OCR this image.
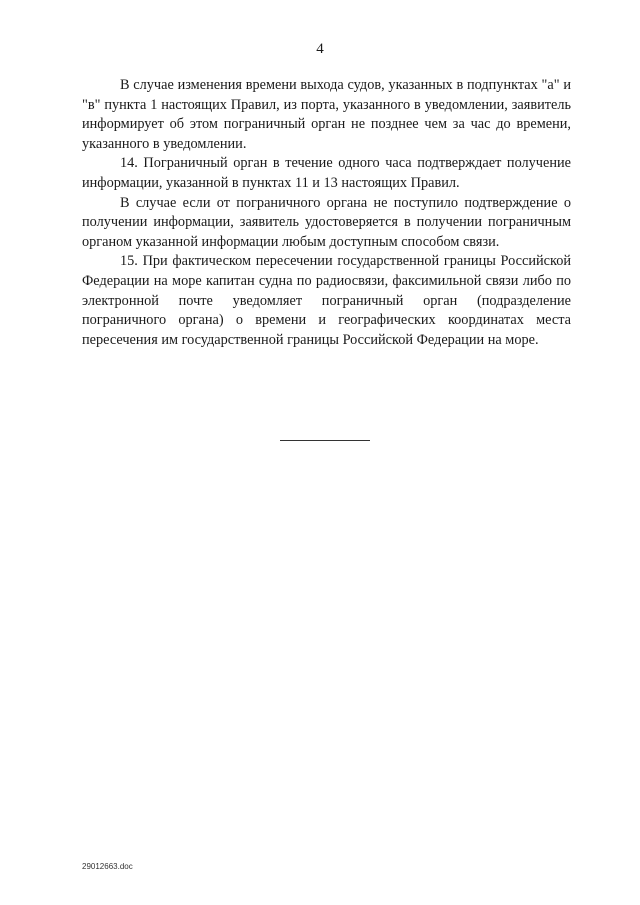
4

В случае изменения времени выхода судов, указанных в подпунктах "а" и "в" пункта 1 настоящих Правил, из порта, указанного в уведомлении, заявитель информирует об этом пограничный орган не позднее чем за час до времени, указанного в уведомлении.

14. Пограничный орган в течение одного часа подтверждает получение информации, указанной в пунктах 11 и 13 настоящих Правил.

В случае если от пограничного органа не поступило подтверждение о получении информации, заявитель удостоверяется в получении пограничным органом указанной информации любым доступным способом связи.

15. При фактическом пересечении государственной границы Российской Федерации на море капитан судна по радиосвязи, факсимильной связи либо по электронной почте уведомляет пограничный орган (подразделение пограничного органа) о времени и географических координатах места пересечения им государственной границы Российской Федерации на море.

29012663.doc
